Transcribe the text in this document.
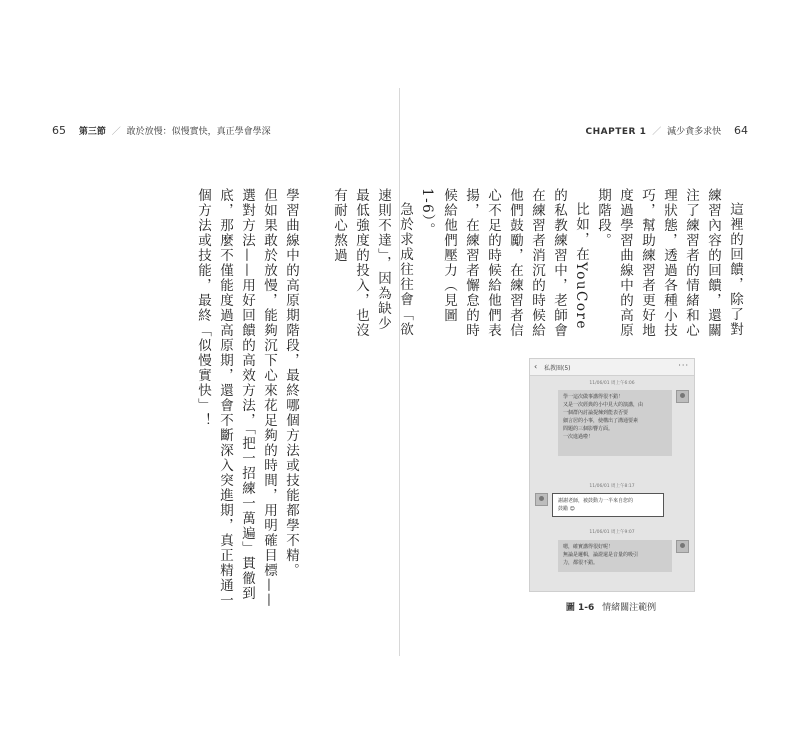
65 第三節 ／ 敢於放慢：似慢實快，真正學會學深

學習曲線中的高原期階段，最終哪個方法或技能都學不精。

但如果敢於放慢，能夠沉下心來花足夠的時間，用明確目標——選對方法——用好回饋的高效方法，「把一招練一萬遍」貫徹到底，那麼不僅能度過高原期，還會不斷深入突進期，真正精通一個方法或技能，最終「似慢實快」！

CHAPTER 1 ／ 減少貪多求快 64

這裡的回饋，除了對練習內容的回饋，還關注了練習者的情緒和心理狀態，透過各種小技巧，幫助練習者更好地度過學習曲線中的高原期階段。

比如，在YouCore的私教練習中，老師會在練習者消沉的時候給他們鼓勵，在練習者信心不足的時候給他們表揚，在練習者懈怠的時候給他們壓力（見圖1-6）。

急於求成往往會「欲速則不達」，因為缺少最低強度的投入，也沒有耐心熬過

‹ 私教圈(5)	···
11/06/01 周上午6:06
學一這次做事講得很不錯！
又是一次經典的小中見大的演講，由
一個群內討論提煉到能表否要
細言居的小事，使構出了溝通要素
問題的三個影響方面。
一次進過啦！
11/06/01 周上午8:17
謝謝老師，被鼓動力一半來自您的
鼓勵 😊
11/06/01 周上午9:07
嗯，確實講得很好呢！
無論是邏輯，論證還是音量的吸引
力，都很不錯。
圖 1-6 情緒關注範例
